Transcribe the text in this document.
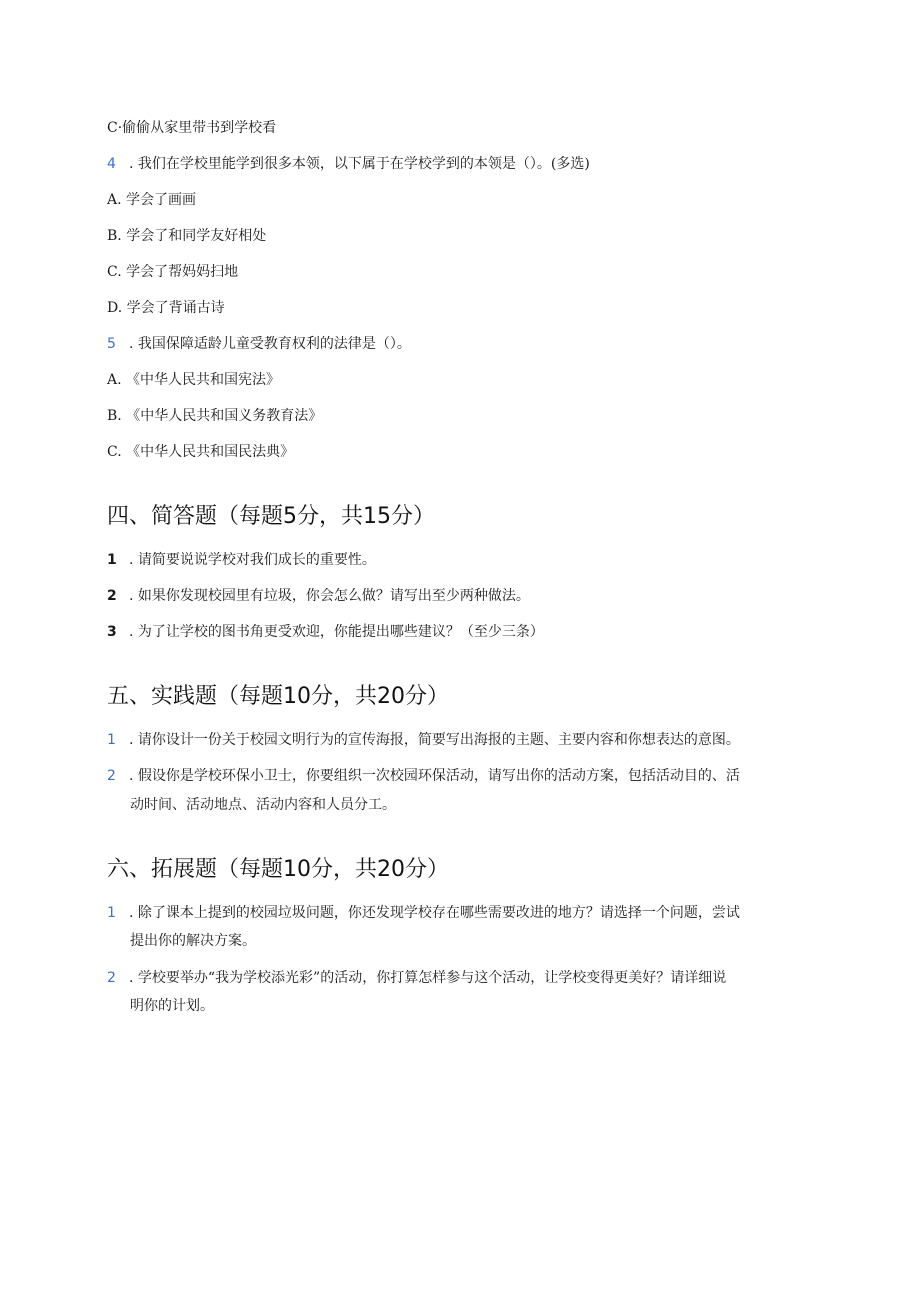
C·偷偷从家里带书到学校看
4 . 我们在学校里能学到很多本领，以下属于在学校学到的本领是（）。(多选)
A. 学会了画画
B. 学会了和同学友好相处
C. 学会了帮妈妈扫地
D. 学会了背诵古诗
5 . 我国保障适龄儿童受教育权利的法律是（）。
A. 《中华人民共和国宪法》
B. 《中华人民共和国义务教育法》
C. 《中华人民共和国民法典》
四、简答题（每题5分，共15分）
1 . 请简要说说学校对我们成长的重要性。
2 . 如果你发现校园里有垃圾，你会怎么做？请写出至少两种做法。
3 . 为了让学校的图书角更受欢迎，你能提出哪些建议？（至少三条）
五、实践题（每题10分，共20分）
1 . 请你设计一份关于校园文明行为的宣传海报，简要写出海报的主题、主要内容和你想表达的意图。
2 . 假设你是学校环保小卫士，你要组织一次校园环保活动，请写出你的活动方案，包括活动目的、活
动时间、活动地点、活动内容和人员分工。
六、拓展题（每题10分，共20分）
1 . 除了课本上提到的校园垃圾问题，你还发现学校存在哪些需要改进的地方？请选择一个问题，尝试
提出你的解决方案。
2 . 学校要举办“我为学校添光彩”的活动，你打算怎样参与这个活动，让学校变得更美好？请详细说
明你的计划。
